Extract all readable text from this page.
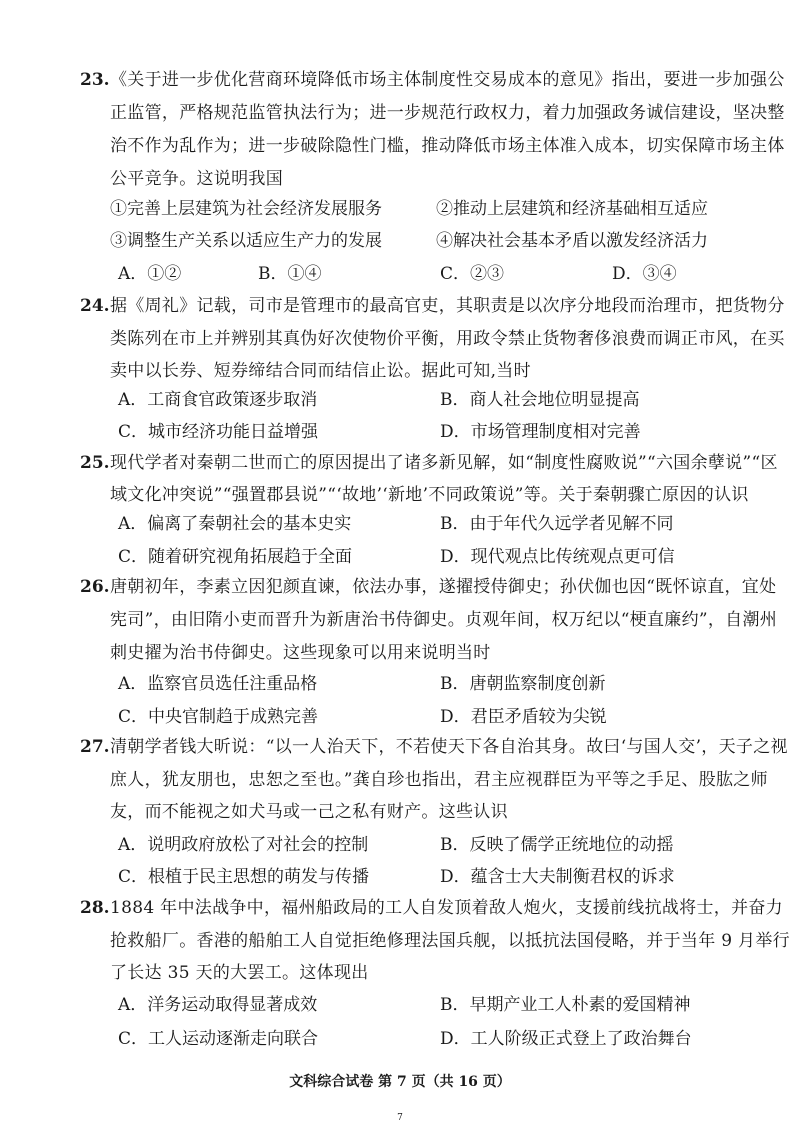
23. 《关于进一步优化营商环境降低市场主体制度性交易成本的意见》指出，要进一步加强公
正监管，严格规范监管执法行为；进一步规范行政权力，着力加强政务诚信建设，坚决整
治不作为乱作为；进一步破除隐性门槛，推动降低市场主体准入成本，切实保障市场主体
公平竞争。这说明我国
①完善上层建筑为社会经济发展服务	②推动上层建筑和经济基础相互适应
③调整生产关系以适应生产力的发展	④解决社会基本矛盾以激发经济活力
A．①②	B．①④	C．②③	D．③④
24. 据《周礼》记载，司市是管理市的最高官吏，其职责是以次序分地段而治理市，把货物分
类陈列在市上并辨别其真伪好次使物价平衡，用政令禁止货物奢侈浪费而调正市风，在买
卖中以长券、短券缔结合同而结信止讼。据此可知,当时
A．工商食官政策逐步取消	B．商人社会地位明显提高
C．城市经济功能日益增强	D．市场管理制度相对完善
25. 现代学者对秦朝二世而亡的原因提出了诸多新见解，如“制度性腐败说”“六国余孽说”“区
域文化冲突说”“强置郡县说”“‘故地’‘新地’不同政策说”等。关于秦朝骤亡原因的认识
A．偏离了秦朝社会的基本史实	B．由于年代久远学者见解不同
C．随着研究视角拓展趋于全面	D．现代观点比传统观点更可信
26. 唐朝初年，李素立因犯颜直谏，依法办事，遂擢授侍御史；孙伏伽也因“既怀谅直，宜处
宪司”，由旧隋小吏而晋升为新唐治书侍御史。贞观年间，权万纪以“梗直廉约”，自潮州
刺史擢为治书侍御史。这些现象可以用来说明当时
A．监察官员选任注重品格	B．唐朝监察制度创新
C．中央官制趋于成熟完善	D．君臣矛盾较为尖锐
27. 清朝学者钱大昕说：“以一人治天下，不若使天下各自治其身。故曰‘与国人交’，天子之视
庶人，犹友朋也，忠恕之至也。”龚自珍也指出，君主应视群臣为平等之手足、股肱之师
友，而不能视之如犬马或一己之私有财产。这些认识
A．说明政府放松了对社会的控制	B．反映了儒学正统地位的动摇
C．根植于民主思想的萌发与传播	D．蕴含士大夫制衡君权的诉求
28. 1884 年中法战争中，福州船政局的工人自发顶着敌人炮火，支援前线抗战将士，并奋力
抢救船厂。香港的船舶工人自觉拒绝修理法国兵舰，以抵抗法国侵略，并于当年 9 月举行
了长达 35 天的大罢工。这体现出
A．洋务运动取得显著成效	B．早期产业工人朴素的爱国精神
C．工人运动逐渐走向联合	D．工人阶级正式登上了政治舞台
文科综合试卷 第 7 页（共 16 页）
7
